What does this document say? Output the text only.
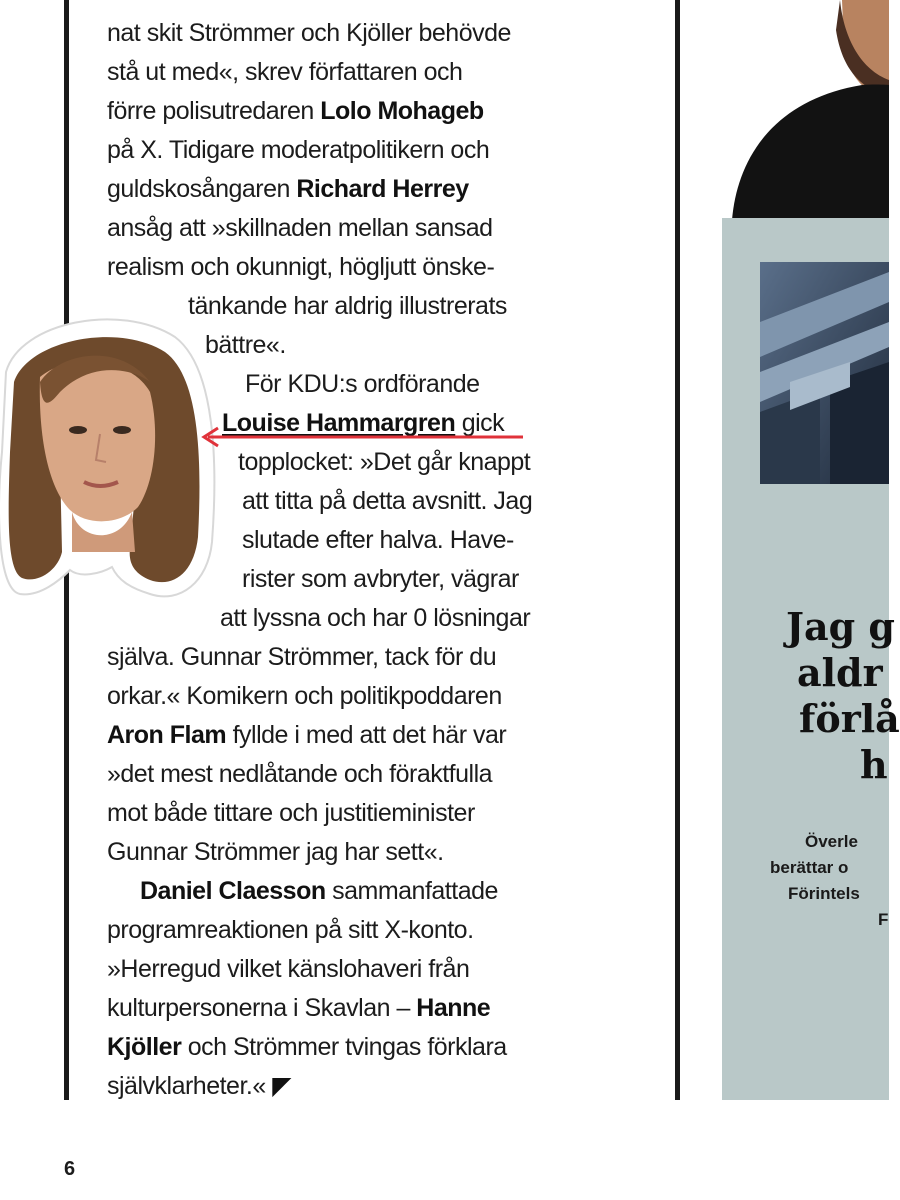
nat skit Strömmer och Kjöller behövde
stå ut med«, skrev författaren och
förre polisutredaren Lolo Mohageb
på X. Tidigare moderatpolitikern och
guldskosångaren Richard Herrey
ansåg att »skillnaden mellan sansad
realism och okunnigt, högljutt önske-
tänkande har aldrig illustrerats
bättre«.
För KDU:s ordförande
Louise Hammargren gick
topplocket: »Det går knappt
att titta på detta avsnitt. Jag
slutade efter halva. Have-
rister som avbryter, vägrar
att lyssna och har 0 lösningar
själva. Gunnar Strömmer, tack för du
orkar.« Komikern och politikpoddaren
Aron Flam fyllde i med att det här var
»det mest nedlåtande och föraktfulla
mot både tittare och justitieminister
Gunnar Strömmer jag har sett«.
Daniel Claesson sammanfattade
programreaktionen på sitt X-konto.
»Herregud vilket känslohaveri från
kulturpersonerna i Skavlan – Hanne
Kjöller och Strömmer tvingas förklara
självklarheter.« ◤
Jag g
aldr
förlå
h
Överle
berättar o
Förintels
F
6
